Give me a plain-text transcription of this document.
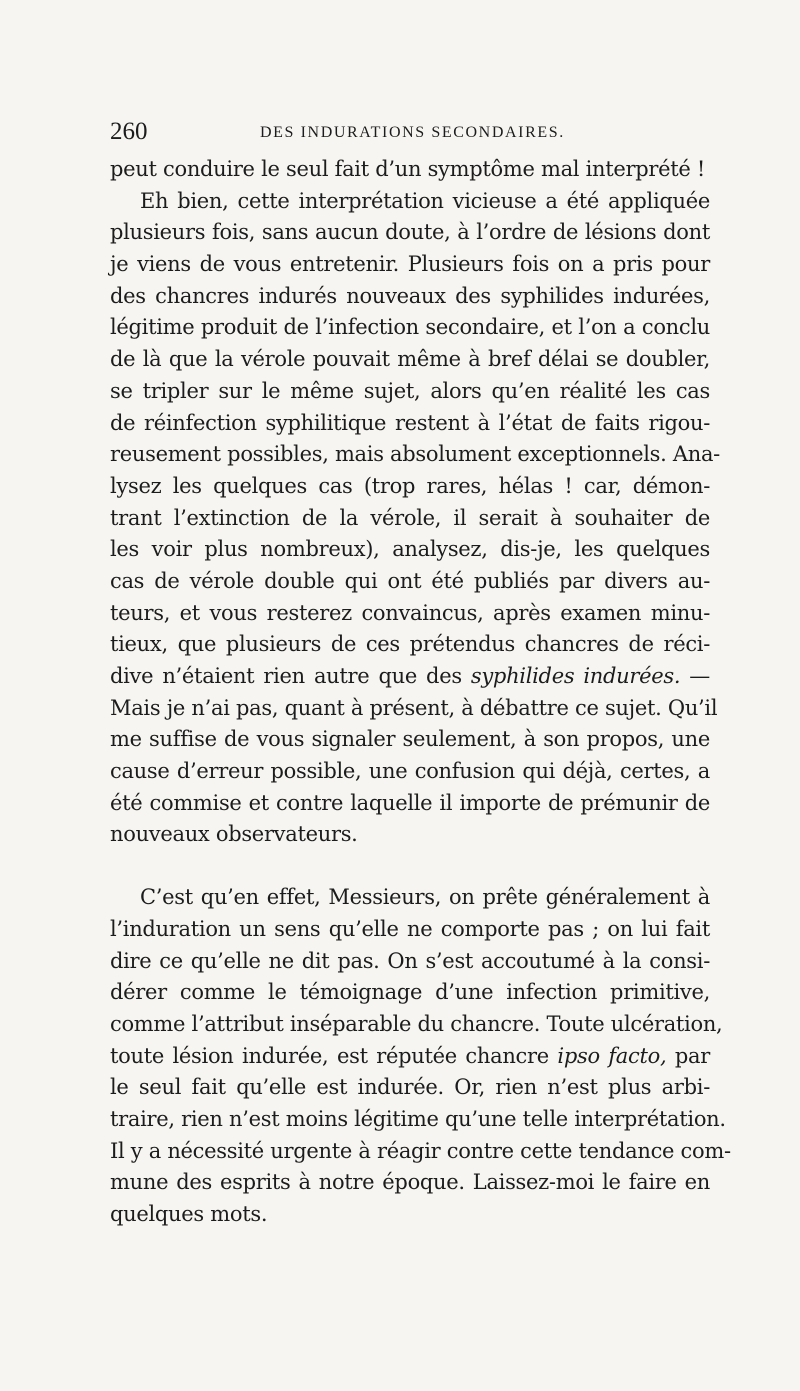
260	DES INDURATIONS SECONDAIRES.
peut conduire le seul fait d’un symptôme mal interprété !
Eh bien, cette interprétation vicieuse a été appliquée
plusieurs fois, sans aucun doute, à l’ordre de lésions dont
je viens de vous entretenir. Plusieurs fois on a pris pour
des chancres indurés nouveaux des syphilides indurées,
légitime produit de l’infection secondaire, et l’on a conclu
de là que la vérole pouvait même à bref délai se doubler,
se tripler sur le même sujet, alors qu’en réalité les cas
de réinfection syphilitique restent à l’état de faits rigou-
reusement possibles, mais absolument exceptionnels. Ana-
lysez les quelques cas (trop rares, hélas ! car, démon-
trant l’extinction de la vérole, il serait à souhaiter de
les voir plus nombreux), analysez, dis-je, les quelques
cas de vérole double qui ont été publiés par divers au-
teurs, et vous resterez convaincus, après examen minu-
tieux, que plusieurs de ces prétendus chancres de réci-
dive n’étaient rien autre que des syphilides indurées. —
Mais je n’ai pas, quant à présent, à débattre ce sujet. Qu’il
me suffise de vous signaler seulement, à son propos, une
cause d’erreur possible, une confusion qui déjà, certes, a
été commise et contre laquelle il importe de prémunir de
nouveaux observateurs.
C’est qu’en effet, Messieurs, on prête généralement à
l’induration un sens qu’elle ne comporte pas ; on lui fait
dire ce qu’elle ne dit pas. On s’est accoutumé à la consi-
dérer comme le témoignage d’une infection primitive,
comme l’attribut inséparable du chancre. Toute ulcération,
toute lésion indurée, est réputée chancre ipso facto, par
le seul fait qu’elle est indurée. Or, rien n’est plus arbi-
traire, rien n’est moins légitime qu’une telle interprétation.
Il y a nécessité urgente à réagir contre cette tendance com-
mune des esprits à notre époque. Laissez-moi le faire en
quelques mots.
